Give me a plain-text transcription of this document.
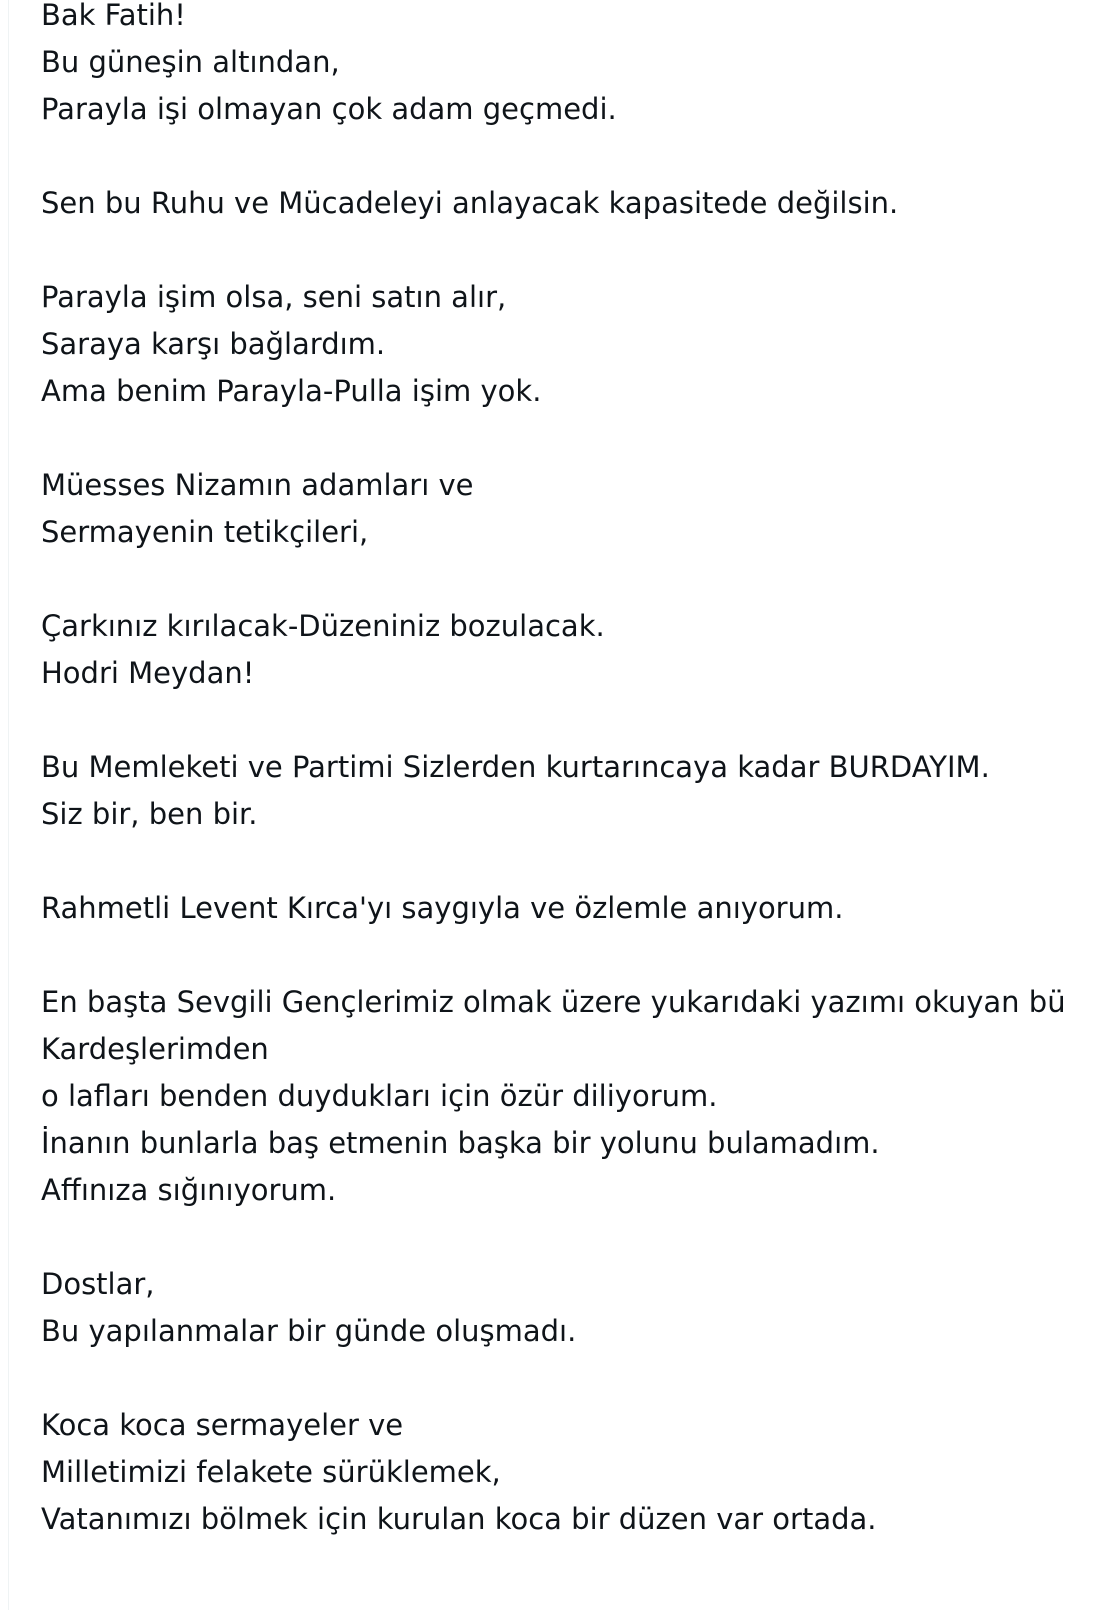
Bak Fatih!
Bu güneşin altından,
Parayla işi olmayan çok adam geçmedi.
Sen bu Ruhu ve Mücadeleyi anlayacak kapasitede değilsin.
Parayla işim olsa, seni satın alır,
Saraya karşı bağlardım.
Ama benim Parayla-Pulla işim yok.
Müesses Nizamın adamları ve
Sermayenin tetikçileri,
Çarkınız kırılacak-Düzeniniz bozulacak.
Hodri Meydan!
Bu Memleketi ve Partimi Sizlerden kurtarıncaya kadar BURDAYIM.
Siz bir, ben bir.
Rahmetli Levent Kırca'yı saygıyla ve özlemle anıyorum.
En başta Sevgili Gençlerimiz olmak üzere yukarıdaki yazımı okuyan bü
Kardeşlerimden
o lafları benden duydukları için özür diliyorum.
İnanın bunlarla baş etmenin başka bir yolunu bulamadım.
Affınıza sığınıyorum.
Dostlar,
Bu yapılanmalar bir günde oluşmadı.
Koca koca sermayeler ve
Milletimizi felakete sürüklemek,
Vatanımızı bölmek için kurulan koca bir düzen var ortada.
